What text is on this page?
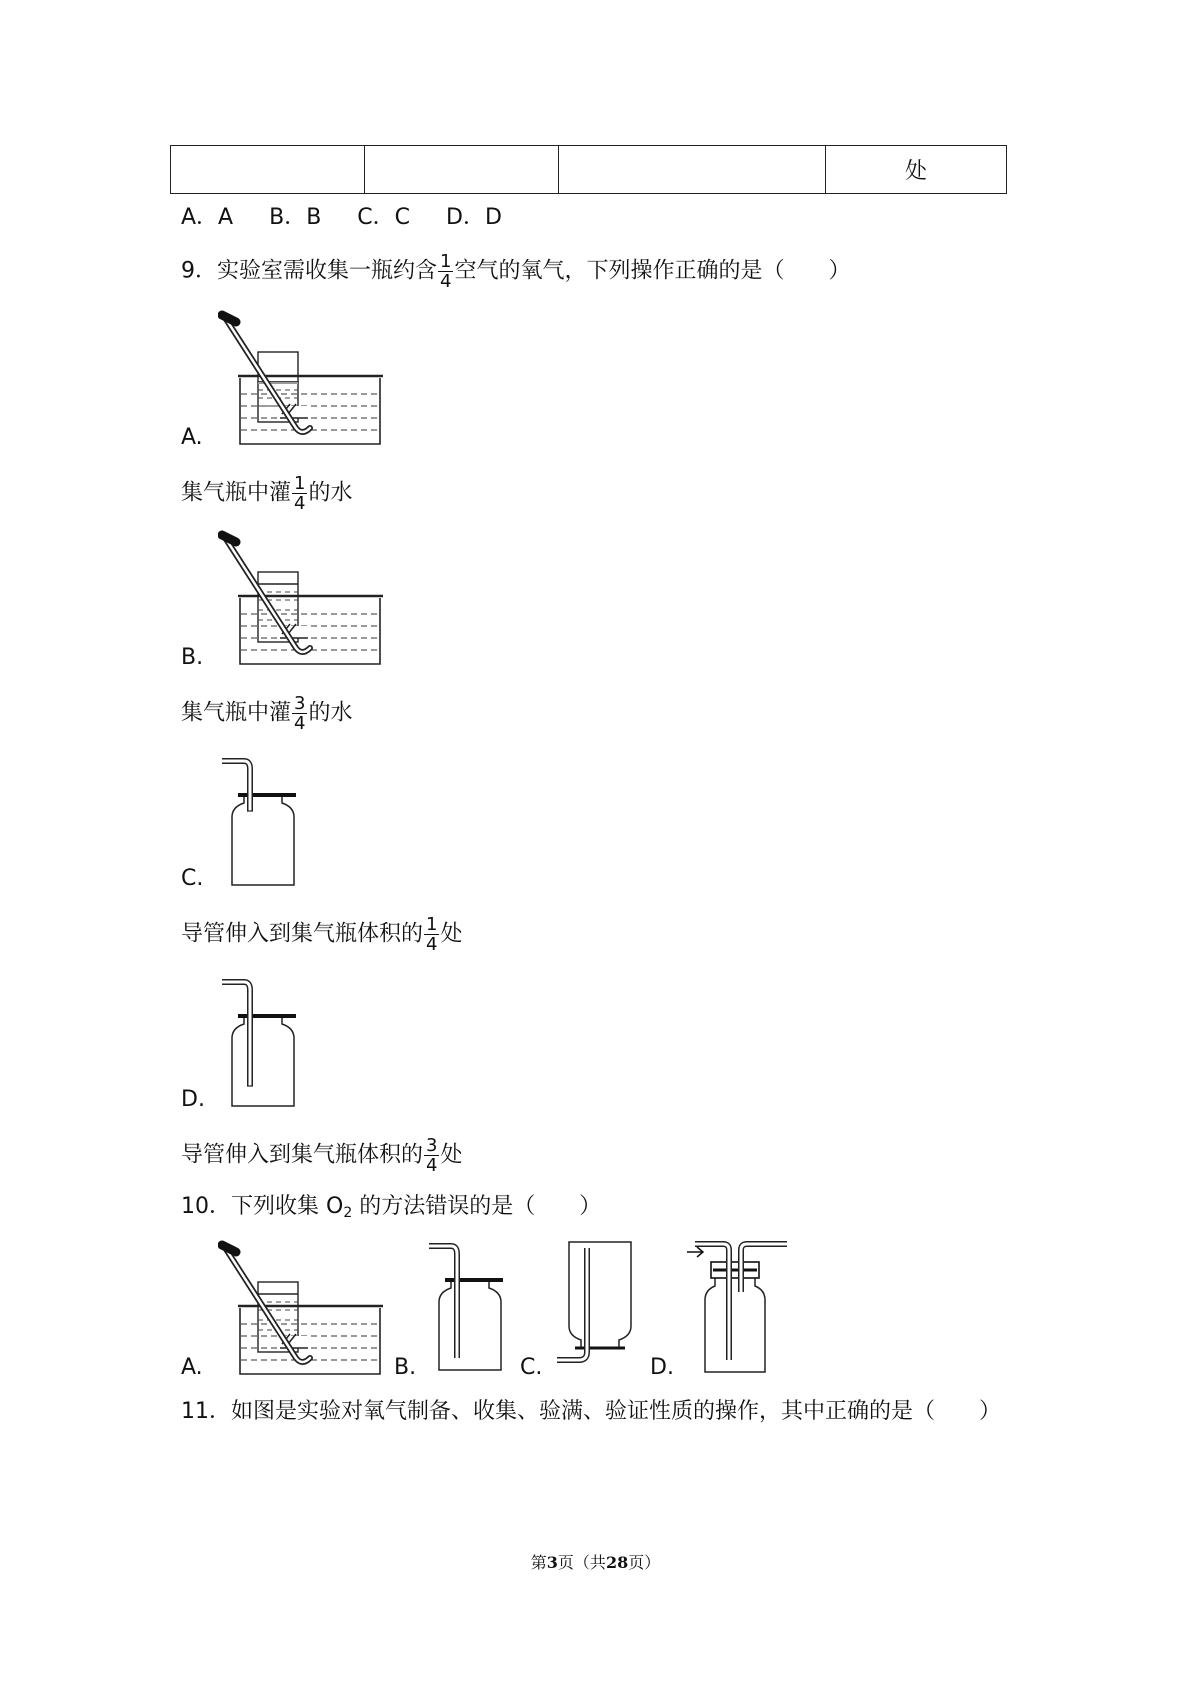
			处
A．A B．B C．C D．D
9．实验室需收集一瓶约含 $\frac{1}{4}$ 空气的氧气，下列操作正确的是（　　）
A.
集气瓶中灌 $\frac{1}{4}$ 的水
B.
集气瓶中灌 $\frac{3}{4}$ 的水
C.
导管伸入到集气瓶体积的 $\frac{1}{4}$ 处
D.
导管伸入到集气瓶体积的 $\frac{3}{4}$ 处
10．下列收集 $O_2$ 的方法错误的是（　　）
A.	B.	C.	D.
11．如图是实验对氧气制备、收集、验满、验证性质的操作，其中正确的是（　　）
第3页（共28页）
